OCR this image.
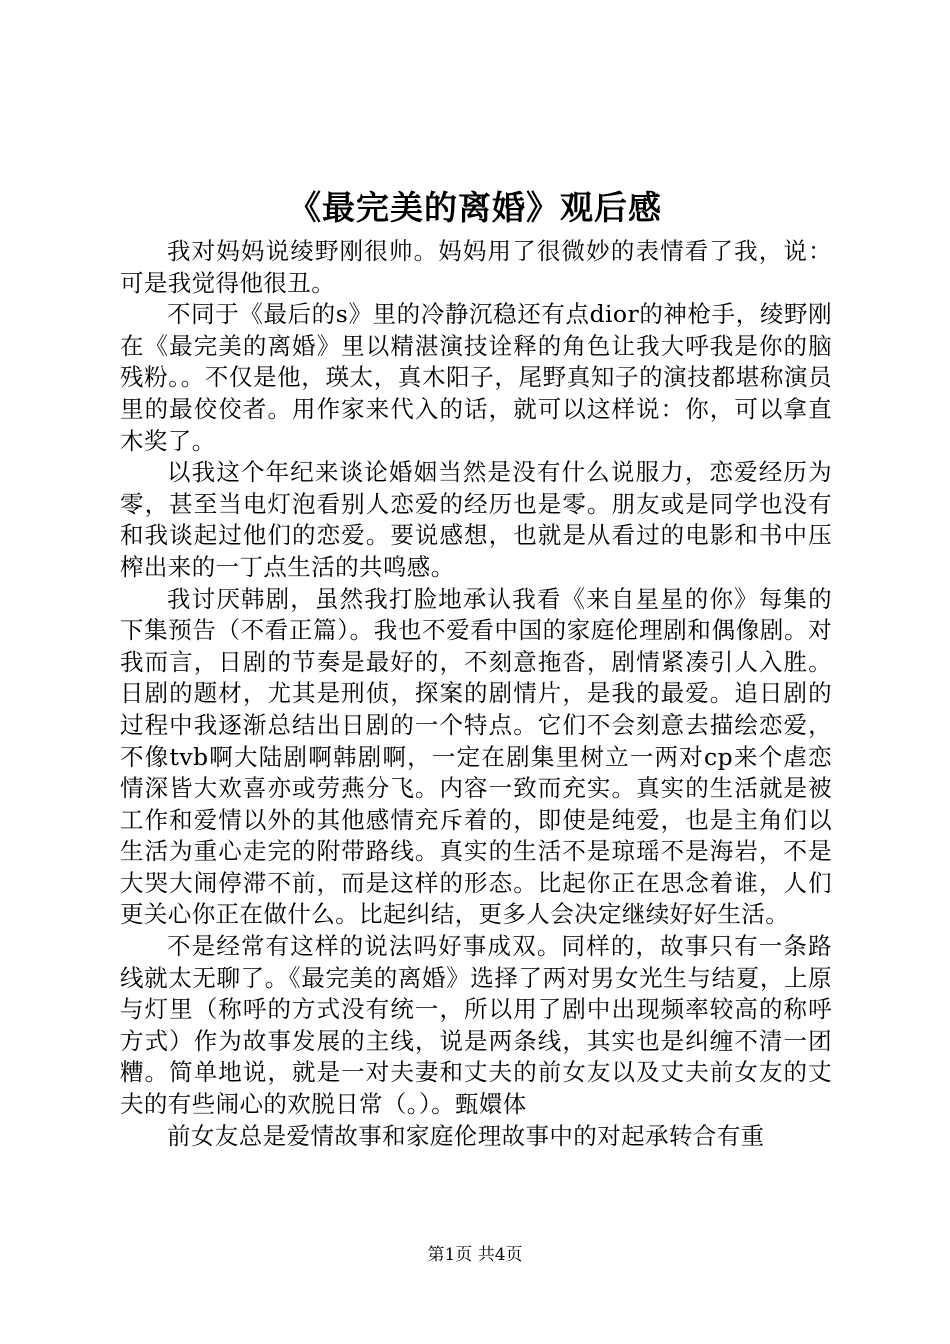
《最完美的离婚》观后感

我对妈妈说绫野刚很帅。妈妈用了很微妙的表情看了我，说：可是我觉得他很丑。

不同于《最后的s》里的冷静沉稳还有点dior的神枪手，绫野刚在《最完美的离婚》里以精湛演技诠释的角色让我大呼我是你的脑残粉。。不仅是他，瑛太，真木阳子，尾野真知子的演技都堪称演员里的最佼佼者。用作家来代入的话，就可以这样说：你，可以拿直木奖了。

以我这个年纪来谈论婚姻当然是没有什么说服力，恋爱经历为零，甚至当电灯泡看别人恋爱的经历也是零。朋友或是同学也没有和我谈起过他们的恋爱。要说感想，也就是从看过的电影和书中压榨出来的一丁点生活的共鸣感。

我讨厌韩剧，虽然我打脸地承认我看《来自星星的你》每集的下集预告（不看正篇）。我也不爱看中国的家庭伦理剧和偶像剧。对我而言，日剧的节奏是最好的，不刻意拖沓，剧情紧凑引人入胜。日剧的题材，尤其是刑侦，探案的剧情片，是我的最爱。追日剧的过程中我逐渐总结出日剧的一个特点。它们不会刻意去描绘恋爱，不像tvb啊大陆剧啊韩剧啊，一定在剧集里树立一两对cp来个虐恋情深皆大欢喜亦或劳燕分飞。内容一致而充实。真实的生活就是被工作和爱情以外的其他感情充斥着的，即使是纯爱，也是主角们以生活为重心走完的附带路线。真实的生活不是琼瑶不是海岩，不是大哭大闹停滞不前，而是这样的形态。比起你正在思念着谁，人们更关心你正在做什么。比起纠结，更多人会决定继续好好生活。

不是经常有这样的说法吗好事成双。同样的，故事只有一条路线就太无聊了。《最完美的离婚》选择了两对男女光生与结夏，上原与灯里（称呼的方式没有统一，所以用了剧中出现频率较高的称呼方式）作为故事发展的主线，说是两条线，其实也是纠缠不清一团糟。简单地说，就是一对夫妻和丈夫的前女友以及丈夫前女友的丈夫的有些闹心的欢脱日常（。）。甄嬛体

前女友总是爱情故事和家庭伦理故事中的对起承转合有重

第1页 共4页
